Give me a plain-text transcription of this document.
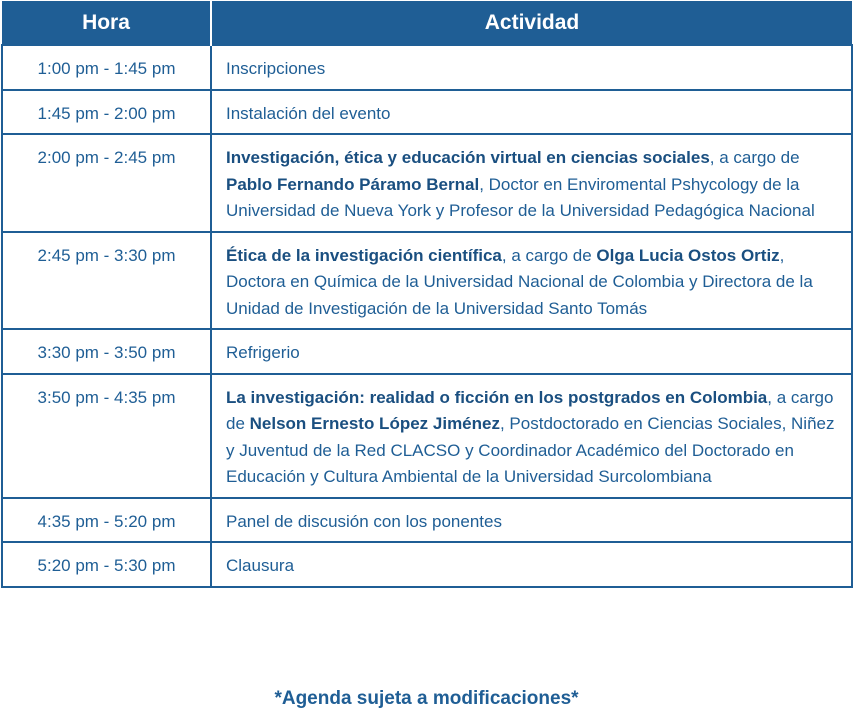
Hora	Actividad
1:00 pm - 1:45 pm	Inscripciones
1:45 pm - 2:00 pm	Instalación del evento
2:00 pm - 2:45 pm	Investigación, ética y educación virtual en ciencias sociales, a cargo de Pablo Fernando Páramo Bernal, Doctor en Enviromental Pshycology de la Universidad de Nueva York y Profesor de la Universidad Pedagógica Nacional
2:45 pm - 3:30 pm	Ética de la investigación científica, a cargo de Olga Lucia Ostos Ortiz, Doctora en Química de la Universidad Nacional de Colombia y Directora de la Unidad de Investigación de la Universidad Santo Tomás
3:30 pm - 3:50 pm	Refrigerio
3:50 pm - 4:35 pm	La investigación: realidad o ficción en los postgrados en Colombia, a cargo de Nelson Ernesto López Jiménez, Postdoctorado en Ciencias Sociales, Niñez y Juventud de la Red CLACSO y Coordinador Académico del Doctorado en Educación y Cultura Ambiental de la Universidad Surcolombiana
4:35 pm - 5:20 pm	Panel de discusión con los ponentes
5:20 pm - 5:30 pm	Clausura
*Agenda sujeta a modificaciones*
